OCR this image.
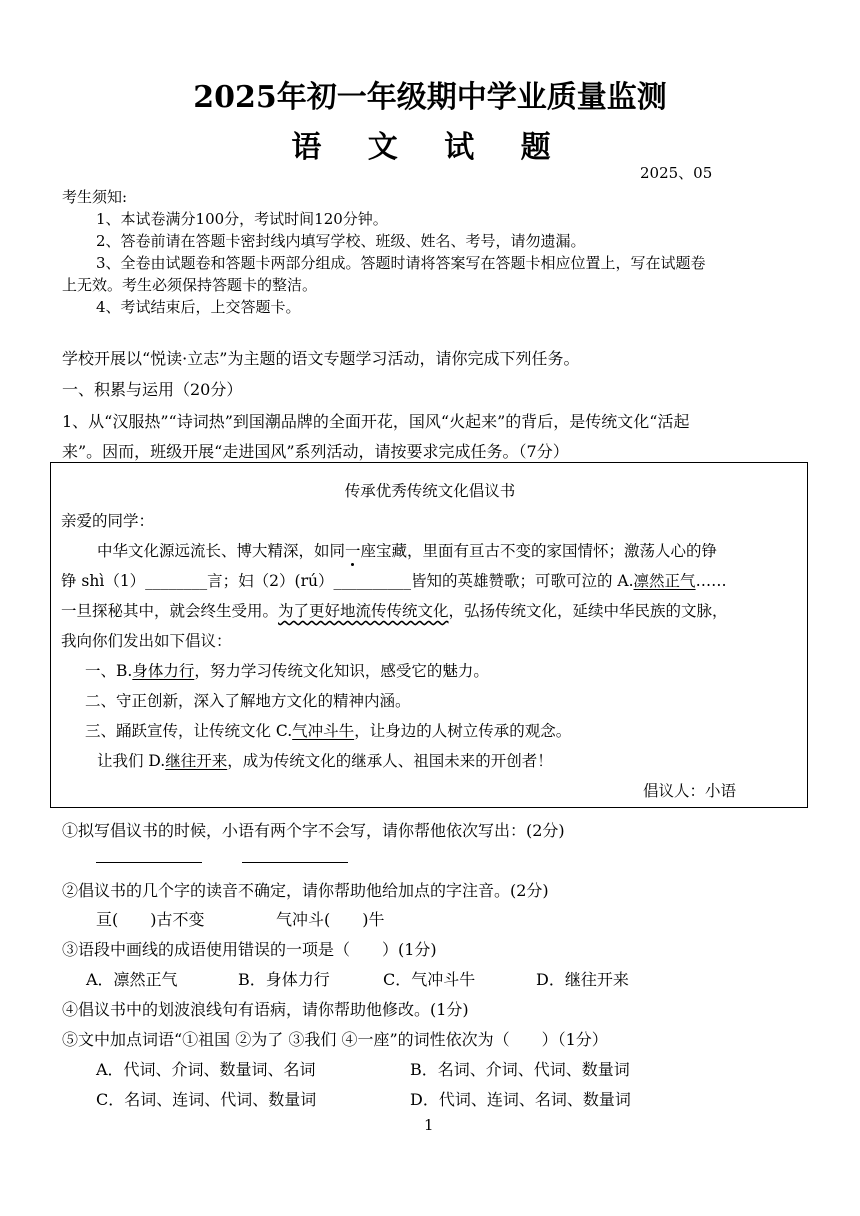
2025年初一年级期中学业质量监测
语 文 试 题
2025、05
考生须知:
1、本试卷满分100分，考试时间120分钟。
2、答卷前请在答题卡密封线内填写学校、班级、姓名、考号，请勿遗漏。
3、全卷由试题卷和答题卡两部分组成。答题时请将答案写在答题卡相应位置上，写在试题卷
上无效。考生必须保持答题卡的整洁。
4、考试结束后，上交答题卡。
学校开展以“悦读·立志”为主题的语文专题学习活动，请你完成下列任务。
一、积累与运用（20分）
1、从“汉服热”“诗词热”到国潮品牌的全面开花，国风“火起来”的背后，是传统文化“活起
来”。因而，班级开展“走进国风”系列活动，请按要求完成任务。（7分）
传承优秀传统文化倡议书
亲爱的同学：
中华文化源远流长、博大精深，如同一座宝藏，里面有亘古不变的家国情怀；激荡人心的铮
铮 shì（1）________言；妇（2）(rú）__________皆知的英雄赞歌；可歌可泣的 A.凛然正气……
一旦探秘其中，就会终生受用。为了更好地流传传统文化，弘扬传统文化，延续中华民族的文脉，
我向你们发出如下倡议：
一、B.身体力行，努力学习传统文化知识，感受它的魅力。
二、守正创新，深入了解地方文化的精神内涵。
三、踊跃宣传，让传统文化 C.气冲斗牛，让身边的人树立传承的观念。
让我们 D.继往开来，成为传统文化的继承人、祖国未来的开创者！
倡议人：小语
①拟写倡议书的时候，小语有两个字不会写，请你帮他依次写出：(2分)
②倡议书的几个字的读音不确定，请你帮助他给加点的字注音。(2分)
亘(　　)古不变	气冲斗(　　)牛
③语段中画线的成语使用错误的一项是（　　）(1分)
A．凛然正气	B．身体力行	C．气冲斗牛	D．继往开来
④倡议书中的划波浪线句有语病，请你帮助他修改。(1分)
⑤文中加点词语“①祖国 ②为了 ③我们 ④一座”的词性依次为（　　）（1分）
A．代词、介词、数量词、名词	B．名词、介词、代词、数量词
C．名词、连词、代词、数量词	D．代词、连词、名词、数量词
1
